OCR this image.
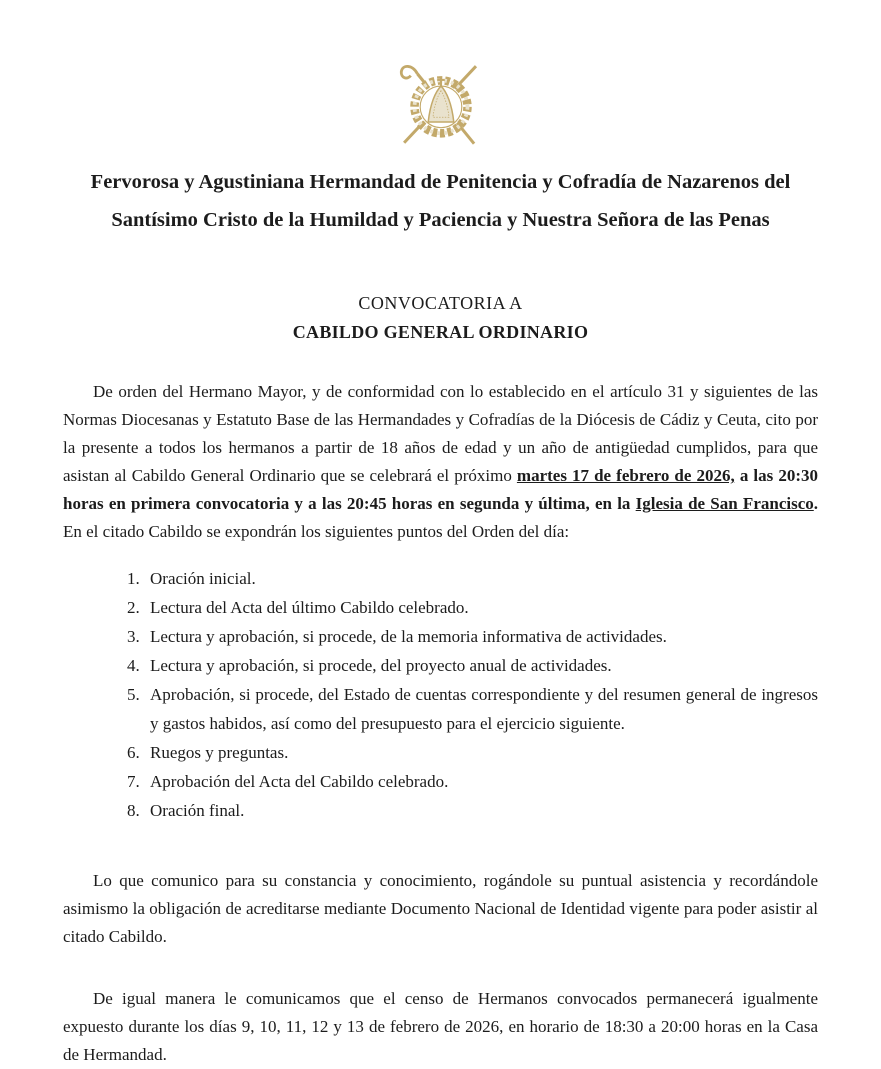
Fervorosa y Agustiniana Hermandad de Penitencia y Cofradía de Nazarenos del Santísimo Cristo de la Humildad y Paciencia y Nuestra Señora de las Penas
CONVOCATORIA A
CABILDO GENERAL ORDINARIO

De orden del Hermano Mayor, y de conformidad con lo establecido en el artículo 31 y siguientes de las Normas Diocesanas y Estatuto Base de las Hermandades y Cofradías de la Diócesis de Cádiz y Ceuta, cito por la presente a todos los hermanos a partir de 18 años de edad y un año de antigüedad cumplidos, para que asistan al Cabildo General Ordinario que se celebrará el próximo martes 17 de febrero de 2026, a las 20:30 horas en primera convocatoria y a las 20:45 horas en segunda y última, en la Iglesia de San Francisco. En el citado Cabildo se expondrán los siguientes puntos del Orden del día:

1. Oración inicial.
2. Lectura del Acta del último Cabildo celebrado.
3. Lectura y aprobación, si procede, de la memoria informativa de actividades.
4. Lectura y aprobación, si procede, del proyecto anual de actividades.
5. Aprobación, si procede, del Estado de cuentas correspondiente y del resumen general de ingresos y gastos habidos, así como del presupuesto para el ejercicio siguiente.
6. Ruegos y preguntas.
7. Aprobación del Acta del Cabildo celebrado.
8. Oración final.

Lo que comunico para su constancia y conocimiento, rogándole su puntual asistencia y recordándole asimismo la obligación de acreditarse mediante Documento Nacional de Identidad vigente para poder asistir al citado Cabildo.

De igual manera le comunicamos que el censo de Hermanos convocados permanecerá igualmente expuesto durante los días 9, 10, 11, 12 y 13 de febrero de 2026, en horario de 18:30 a 20:00 horas en la Casa de Hermandad.
